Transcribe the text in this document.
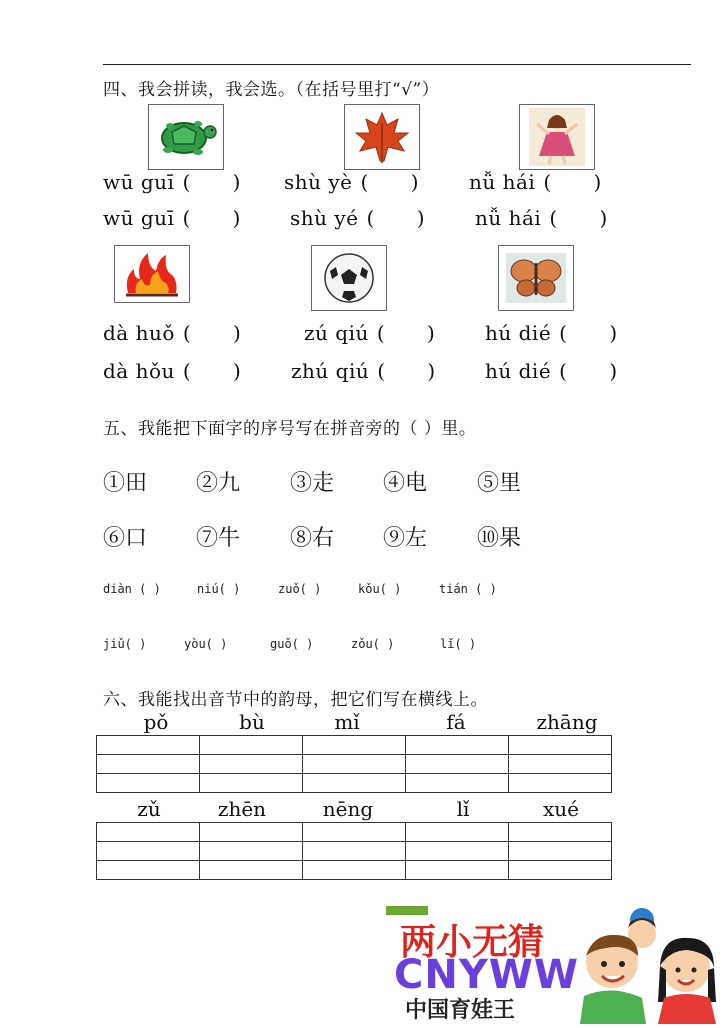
四、我会拼读，我会选。（在括号里打“√”）
wū guī ( ) shù yè ( ) nǚ hái ( )
wū guī ( ) shù yé ( ) nǚ hái ( )
dà huǒ ( ) zú qiú ( ) hú dié ( )
dà hǒu ( ) zhú qiú ( ) hú dié ( )
五、我能把下面字的序号写在拼音旁的（ ）里。
①田 ②九 ③走 ④电 ⑤里
⑥口 ⑦牛 ⑧右 ⑨左 ⑩果
diàn ( )	niú( )	zuǒ( )	kǒu( )	tián ( )
jiǔ( )	yòu( )	guǒ( )	zǒu( )	lǐ( )
六、我能找出音节中的韵母，把它们写在横线上。
pǒ	bù	mǐ	fá	zhāng

zǔ	zhēn	nēng	lǐ	xué

两小无猜
CNYWW
中国育娃王
